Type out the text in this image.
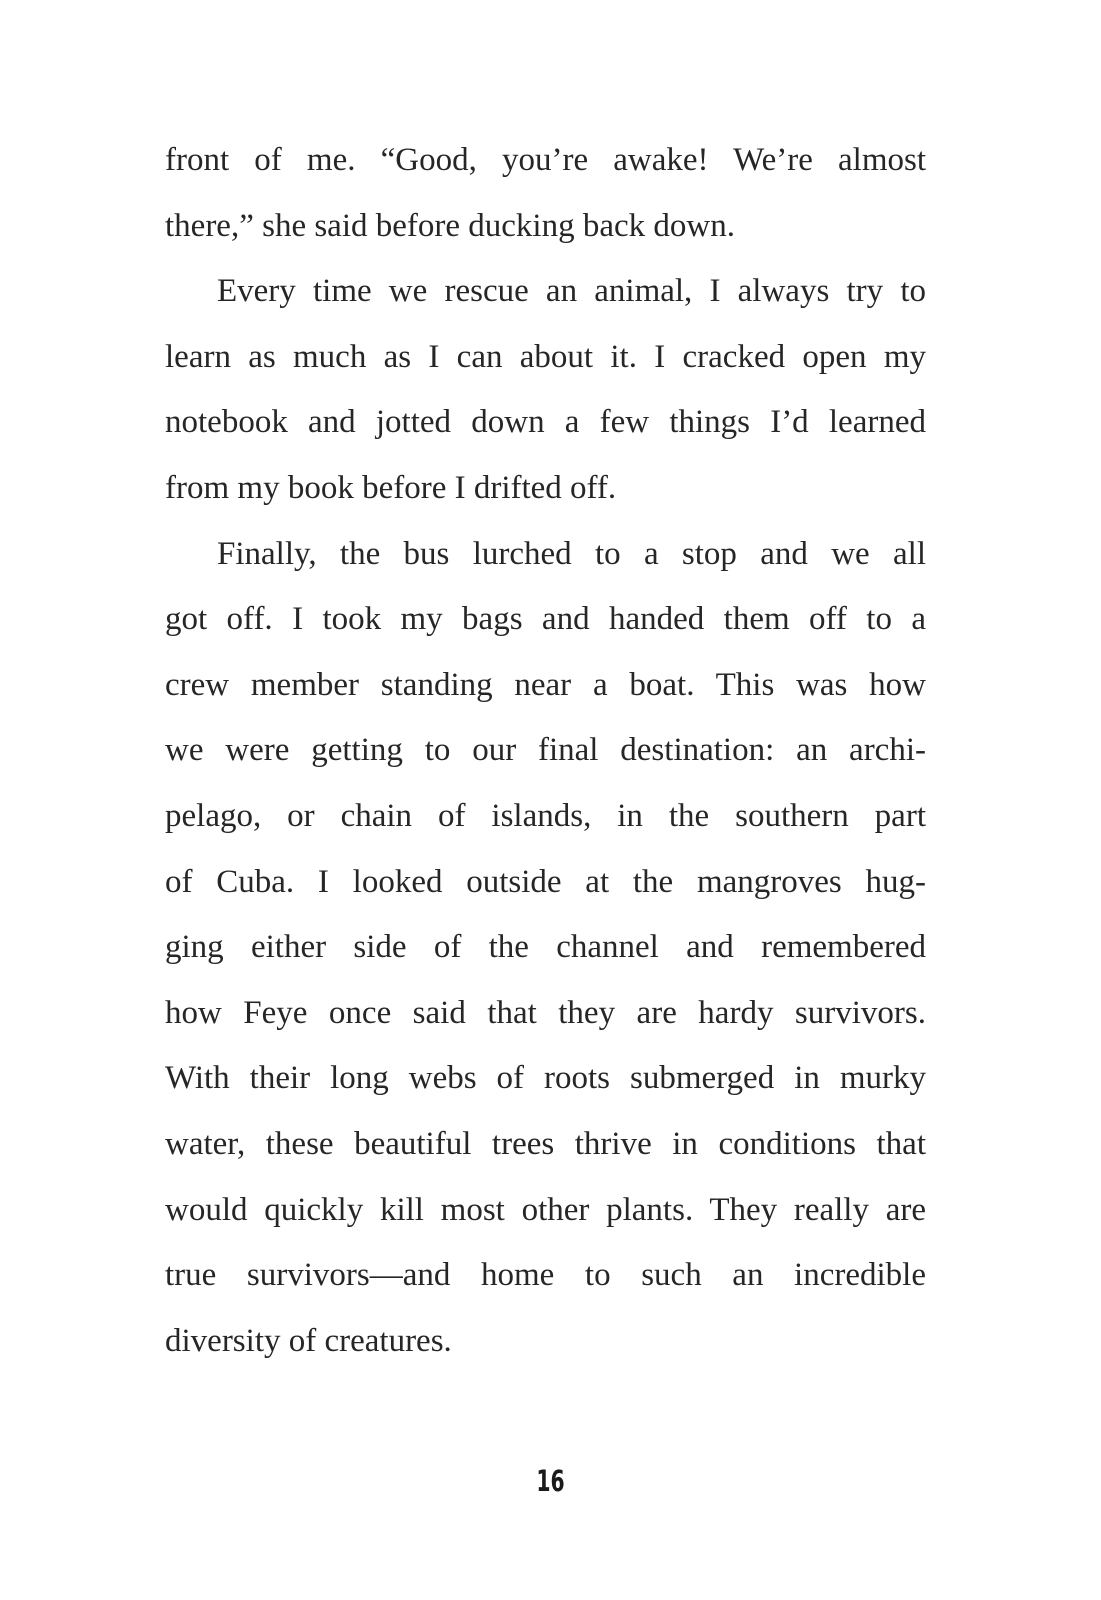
front of me. “Good, you’re awake! We’re almost
there,” she said before ducking back down.
Every time we rescue an animal, I always try to
learn as much as I can about it. I cracked open my
notebook and jotted down a few things I’d learned
from my book before I drifted off.
Finally, the bus lurched to a stop and we all
got off. I took my bags and handed them off to a
crew member standing near a boat. This was how
we were getting to our final destination: an archi-
pelago, or chain of islands, in the southern part
of Cuba. I looked outside at the mangroves hug-
ging either side of the channel and remembered
how Feye once said that they are hardy survivors.
With their long webs of roots submerged in murky
water, these beautiful trees thrive in conditions that
would quickly kill most other plants. They really are
true survivors—and home to such an incredible
diversity of creatures.
16
